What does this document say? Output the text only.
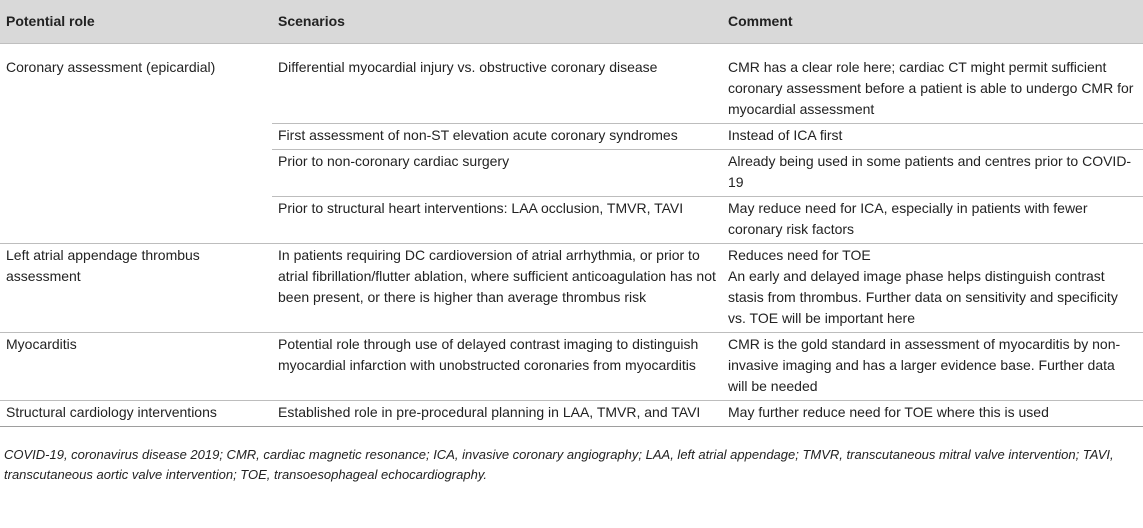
Potential role	Scenarios	Comment
Coronary assessment (epicardial)	Differential myocardial injury vs. obstructive coronary disease	CMR has a clear role here; cardiac CT might permit sufficient coronary assessment before a patient is able to undergo CMR for myocardial assessment
	First assessment of non-ST elevation acute coronary syndromes	Instead of ICA first
	Prior to non-coronary cardiac surgery	Already being used in some patients and centres prior to COVID-19
	Prior to structural heart interventions: LAA occlusion, TMVR, TAVI	May reduce need for ICA, especially in patients with fewer coronary risk factors
Left atrial appendage thrombus assessment	In patients requiring DC cardioversion of atrial arrhythmia, or prior to atrial fibrillation/flutter ablation, where sufficient anticoagulation has not been present, or there is higher than average thrombus risk	Reduces need for TOE
An early and delayed image phase helps distinguish contrast stasis from thrombus. Further data on sensitivity and specificity vs. TOE will be important here

Myocarditis	Potential role through use of delayed contrast imaging to distinguish myocardial infarction with unobstructed coronaries from myocarditis	CMR is the gold standard in assessment of myocarditis by non-invasive imaging and has a larger evidence base. Further data will be needed
Structural cardiology interventions	Established role in pre-procedural planning in LAA, TMVR, and TAVI	May further reduce need for TOE where this is used
COVID-19, coronavirus disease 2019; CMR, cardiac magnetic resonance; ICA, invasive coronary angiography; LAA, left atrial appendage; TMVR, transcutaneous mitral valve intervention; TAVI, transcutaneous aortic valve intervention; TOE, transoesophageal echocardiography.
